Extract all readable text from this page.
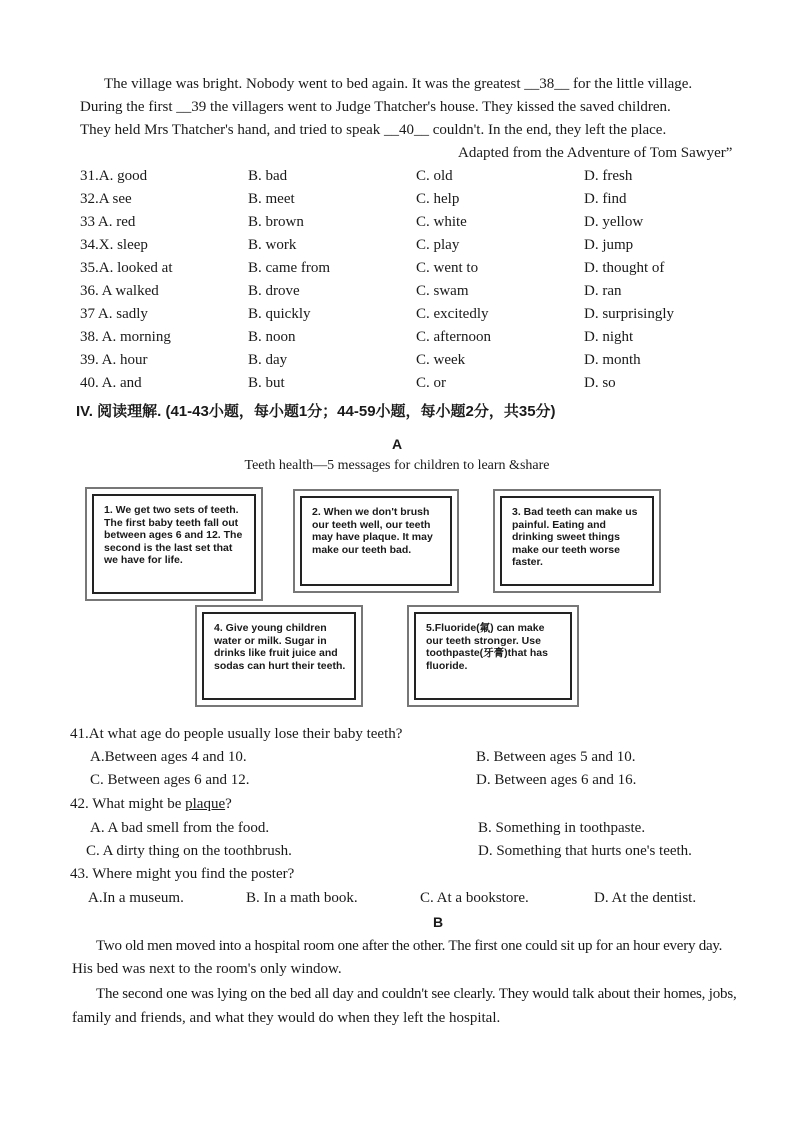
The village was bright. Nobody went to bed again. It was the greatest __38__ for the little village.
During the first __39 the villagers went to Judge Thatcher's house. They kissed the saved children.
They held Mrs Thatcher's hand, and tried to speak __40__ couldn't. In the end, they left the place.
Adapted from the Adventure of Tom Sawyer”
31.A. good	B. bad	C. old	D. fresh
32.A see	B. meet	C. help	D. find
33 A. red	B. brown	C. white	D. yellow
34.X. sleep	B. work	C. play	D. jump
35.A. looked at	B. came from	C. went to	D. thought of
36. A walked	B. drove	C. swam	D. ran
37 A. sadly	B. quickly	C. excitedly	D. surprisingly
38. A. morning	B. noon	C. afternoon	D. night
39. A. hour	B. day	C. week	D. month
40. A. and	B. but	C. or	D. so
IV. 阅读理解. (41-43小题，每小题1分；44-59小题，每小题2分，共35分)
A
Teeth health—5 messages for children to learn &share
1. We get two sets of teeth. The first baby teeth fall out between ages 6 and 12. The second is the last set that we have for life.
2. When we don't brush our teeth well, our teeth may have plaque. It may make our teeth bad.
3. Bad teeth can make us painful. Eating and drinking sweet things make our teeth worse faster.
4. Give young children water or milk. Sugar in drinks like fruit juice and sodas can hurt their teeth.
5.Fluoride(氟) can make our teeth stronger. Use toothpaste(牙膏)that has fluoride.
41.At what age do people usually lose their baby teeth?
A.Between ages 4 and 10.	B. Between ages 5 and 10.
C. Between ages 6 and 12.	D. Between ages 6 and 16.
42. What might be plaque?
A. A bad smell from the food.	B. Something in toothpaste.
C. A dirty thing on the toothbrush.	D. Something that hurts one's teeth.
43. Where might you find the poster?
A.In a museum.	B. In a math book.	C. At a bookstore.	D. At the dentist.
B
Two old men moved into a hospital room one after the other. The first one could sit up for an hour every day.
His bed was next to the room's only window.
The second one was lying on the bed all day and couldn't see clearly. They would talk about their homes, jobs,
family and friends, and what they would do when they left the hospital.
